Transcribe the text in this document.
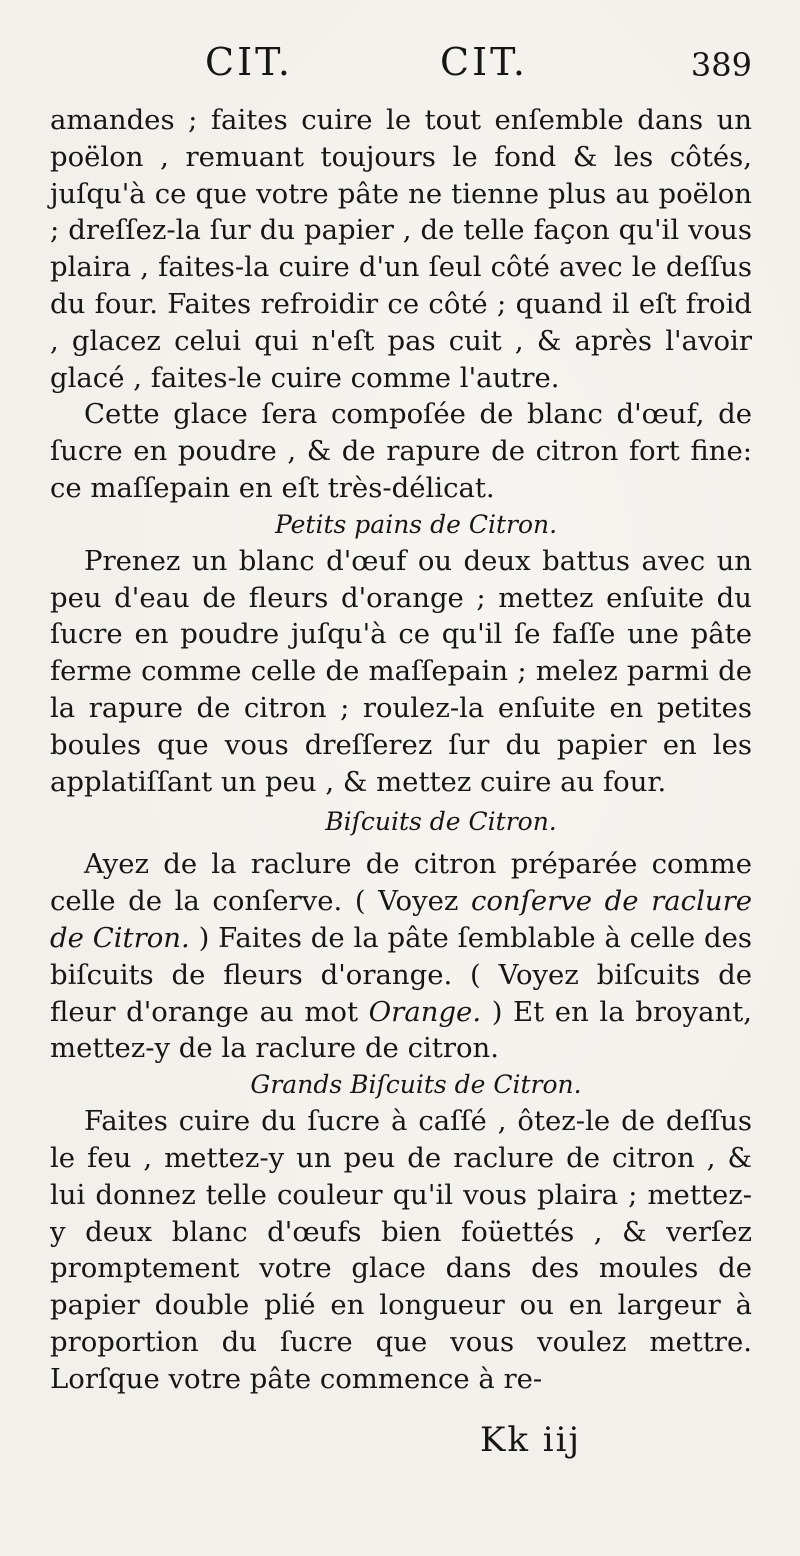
CIT.	CIT.	389

amandes ; faites cuire le tout enſemble dans un poëlon , remuant toujours le fond & les côtés, juſqu'à ce que votre pâte ne tienne plus au poëlon ; dreſſez-la ſur du papier , de telle façon qu'il vous plaira , faites-la cuire d'un ſeul côté avec le deſſus du four. Faites refroidir ce côté ; quand il eſt froid , glacez celui qui n'eſt pas cuit , & après l'avoir glacé , faites-le cuire comme l'autre.

Cette glace ſera compoſée de blanc d'œuf, de ſucre en poudre , & de rapure de citron fort fine: ce maſſepain en eſt très-délicat.

Petits pains de Citron.

Prenez un blanc d'œuf ou deux battus avec un peu d'eau de fleurs d'orange ; mettez enſuite du ſucre en poudre juſqu'à ce qu'il ſe faſſe une pâte ferme comme celle de maſſepain ; melez parmi de la rapure de citron ; roulez-la enſuite en petites boules que vous dreſſerez ſur du papier en les applatiſſant un peu , & mettez cuire au four.

Biſcuits de Citron.

Ayez de la raclure de citron préparée comme celle de la conſerve. ( Voyez conſerve de raclure de Citron. ) Faites de la pâte ſemblable à celle des biſcuits de fleurs d'orange. ( Voyez biſcuits de fleur d'orange au mot Orange. ) Et en la broyant, mettez-y de la raclure de citron.

Grands Biſcuits de Citron.

Faites cuire du ſucre à caſſé , ôtez-le de deſſus le feu , mettez-y un peu de raclure de citron , & lui donnez telle couleur qu'il vous plaira ; mettez-y deux blanc d'œufs bien foüettés , & verſez promptement votre glace dans des moules de papier double plié en longueur ou en largeur à proportion du ſucre que vous voulez mettre. Lorſque votre pâte commence à re-

Kk iij
